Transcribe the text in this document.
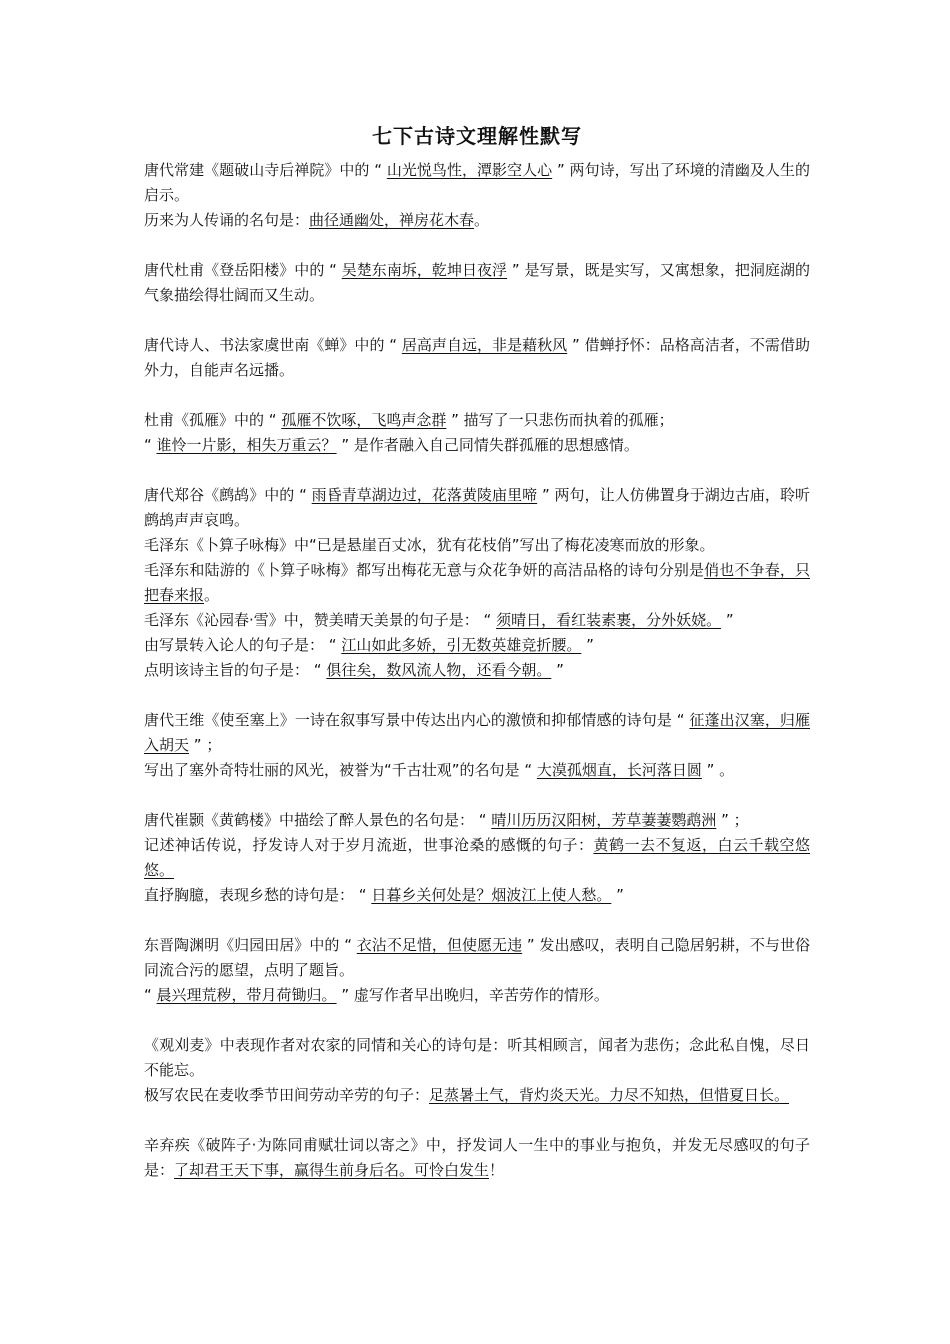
七下古诗文理解性默写

唐代常建《题破山寺后禅院》中的 “ 山光悦鸟性，潭影空人心 ” 两句诗，写出了环境的清幽及人生的启示。

历来为人传诵的名句是：曲径通幽处，禅房花木春。

唐代杜甫《登岳阳楼》中的 “ 吴楚东南坼，乾坤日夜浮 ” 是写景，既是实写，又寓想象，把洞庭湖的气象描绘得壮阔而又生动。

唐代诗人、书法家虞世南《蝉》中的 “ 居高声自远，非是藉秋风 ” 借蝉抒怀：品格高洁者，不需借助外力，自能声名远播。

杜甫《孤雁》中的 “ 孤雁不饮啄，飞鸣声念群 ” 描写了一只悲伤而执着的孤雁；

“ 谁怜一片影，相失万重云？ ” 是作者融入自己同情失群孤雁的思想感情。

唐代郑谷《鹧鸪》中的 “ 雨昏青草湖边过，花落黄陵庙里啼 ” 两句，让人仿佛置身于湖边古庙，聆听鹧鸪声声哀鸣。

毛泽东《卜算子咏梅》中“已是悬崖百丈冰，犹有花枝俏”写出了梅花凌寒而放的形象。

毛泽东和陆游的《卜算子咏梅》都写出梅花无意与众花争妍的高洁品格的诗句分别是俏也不争春，只把春来报。

毛泽东《沁园春·雪》中，赞美晴天美景的句子是： “ 须晴日，看红装素裹，分外妖娆。 ”

由写景转入论人的句子是： “ 江山如此多娇，引无数英雄竞折腰。 ”

点明该诗主旨的句子是： “ 俱往矣，数风流人物，还看今朝。 ”

唐代王维《使至塞上》一诗在叙事写景中传达出内心的激愤和抑郁情感的诗句是 “ 征蓬出汉塞，归雁入胡天 ” ；

写出了塞外奇特壮丽的风光，被誉为“千古壮观”的名句是 “ 大漠孤烟直，长河落日圆 ” 。

唐代崔颢《黄鹤楼》中描绘了醉人景色的名句是： “ 晴川历历汉阳树，芳草萋萋鹦鹉洲 ” ；

记述神话传说，抒发诗人对于岁月流逝，世事沧桑的感慨的句子：黄鹤一去不复返，白云千载空悠悠。

直抒胸臆，表现乡愁的诗句是： “ 日暮乡关何处是？烟波江上使人愁。 ”

东晋陶渊明《归园田居》中的 “ 衣沾不足惜，但使愿无违 ” 发出感叹，表明自己隐居躬耕，不与世俗同流合污的愿望，点明了题旨。

“ 晨兴理荒秽，带月荷锄归。 ” 虚写作者早出晚归，辛苦劳作的情形。

《观刈麦》中表现作者对农家的同情和关心的诗句是：听其相顾言，闻者为悲伤；念此私自愧，尽日不能忘。

极写农民在麦收季节田间劳动辛劳的句子：足蒸暑土气，背灼炎天光。力尽不知热，但惜夏日长。

辛弃疾《破阵子·为陈同甫赋壮词以寄之》中，抒发词人一生中的事业与抱负，并发无尽感叹的句子是：了却君王天下事，赢得生前身后名。可怜白发生！
